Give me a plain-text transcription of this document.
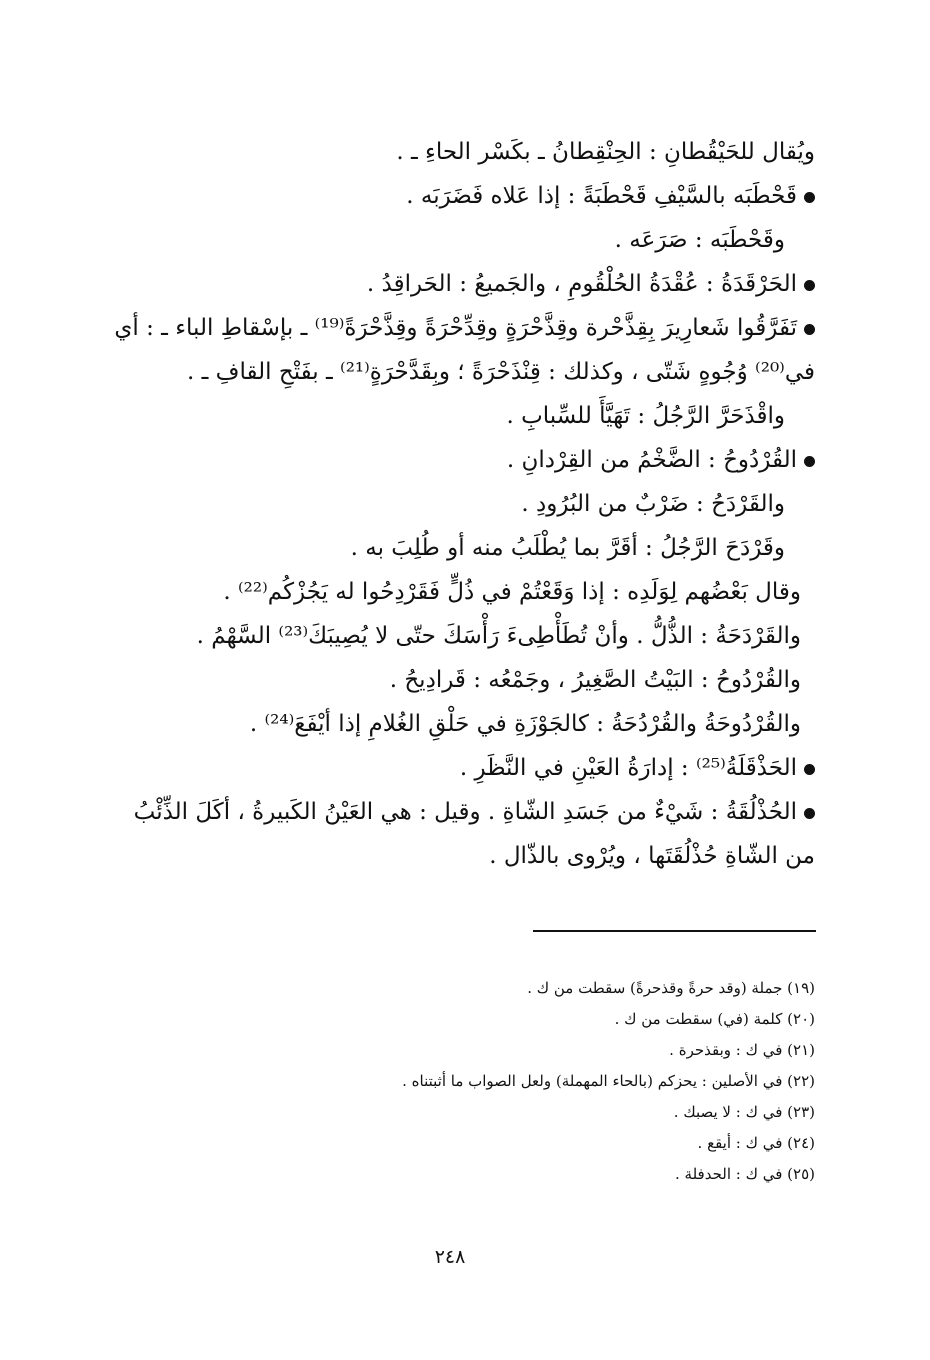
ويُقال للحَيْقُطانِ : الحِنْقِطانُ ـ بكَسْر الحاءِ ـ .
قَحْطَبَه بالسَّيْفِ قَحْطَبَةً : إذا عَلاه فَضَرَبَه .
وقَحْطَبَه : صَرَعَه .
الحَرْقَدَةُ : عُقْدَةُ الحُلْقُومِ ، والجَميعُ : الحَراقِدُ .
تَفَرَّقُوا شَعارِيرَ بِقِذَّحْرة وقِذَّحْرَةٍ وقِدِّحْرَةً وقِذَّحْرَةً⁽¹⁹⁾ ـ بإسْقاطِ الباء ـ : أي
في⁽²⁰⁾ وُجُوهٍ شَتّى ، وكذلك : قِنْذَحْرَةً ؛ وبِقَدَّحْرَةٍ⁽²¹⁾ ـ بفَتْحِ القافِ ـ .
واقْذَحَرَّ الرَّجُلُ : تَهَيَّأَ للسِّبابِ .
القُرْدُوحُ : الضَّخْمُ من القِرْدانِ .
والقَرْدَحُ : ضَرْبٌ من البُرُودِ .
وقَرْدَحَ الرَّجُلُ : أقَرَّ بما يُطْلَبُ منه أو طُلِبَ به .
وقال بَعْضُهم لِوَلَدِه : إذا وَقَعْتُمْ في ذُلٍّ فَقَرْدِحُوا له يَجُزْكُم⁽²²⁾ .
والقَرْدَحَةُ : الذُّلُّ . وأنْ تُطَأْطِىءَ رَأْسَكَ حتّى لا يُصِيبَكَ⁽²³⁾ السَّهْمُ .
والقُرْدُوحُ : البَيْتُ الصَّغِيرُ ، وجَمْعُه : قَرادِيحُ .
والقُرْدُوحَةُ والقُرْدُحَةُ : كالجَوْزَةِ في حَلْقِ الغُلامِ إذا أيْفَعَ⁽²⁴⁾ .
الحَذْقَلَةُ⁽²⁵⁾ : إدارَةُ العَيْنِ في النَّظَرِ .
الحُذْلُقَةُ : شَيْءٌ من جَسَدِ الشّاةِ . وقيل : هي العَيْنُ الكَبيرةُ ، أكَلَ الذِّئْبُ
من الشّاةِ حُذْلُقَتَها ، ويُرْوى بالذّال .
(١٩) جملة (وقد حرةً وقذحرةً) سقطت من ك .
(٢٠) كلمة (في) سقطت من ك .
(٢١) في ك : وبقذحرة .
(٢٢) في الأصلين : يحزكم (بالحاء المهملة) ولعل الصواب ما أثبتناه .
(٢٣) في ك : لا يصبك .
(٢٤) في ك : أيقع .
(٢٥) في ك : الحدفلة .
٢٤٨
